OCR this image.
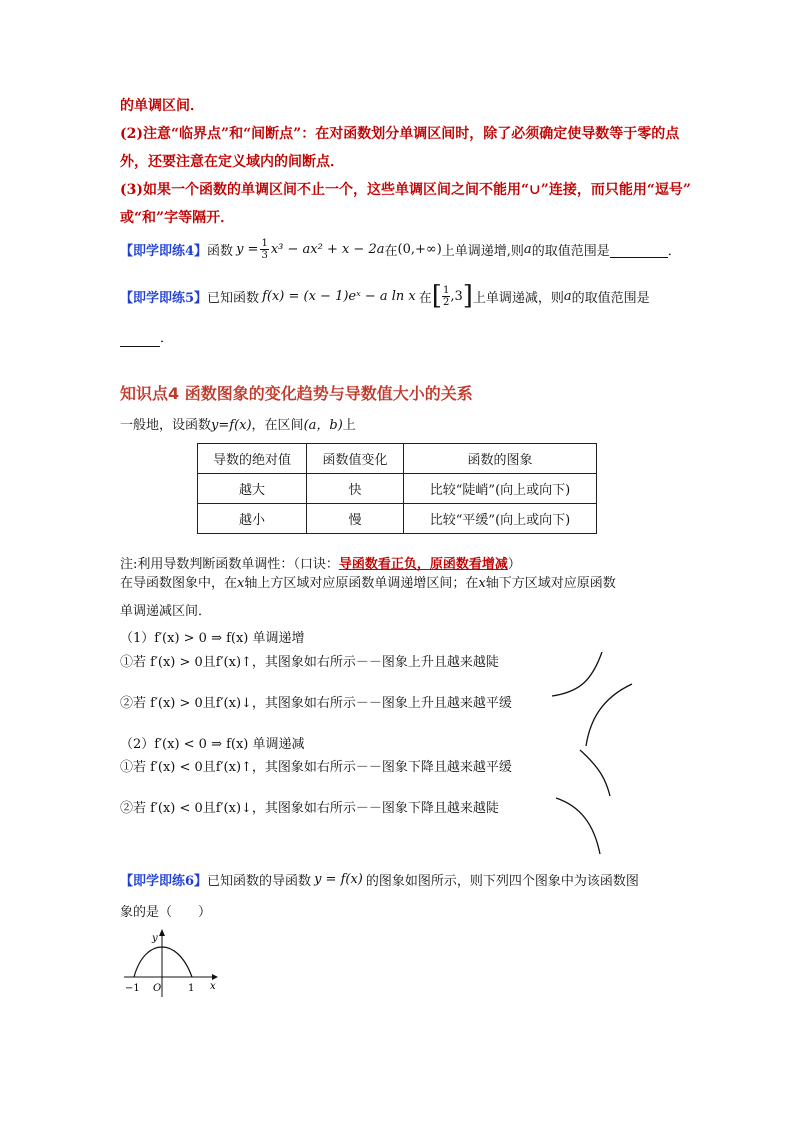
的单调区间．
(2)注意“临界点”和“间断点”：在对函数划分单调区间时，除了必须确定使导数等于零的点
外，还要注意在定义域内的间断点．
(3)如果一个函数的单调区间不止一个，这些单调区间之间不能用“∪”连接，而只能用“逗号”
或“和”字等隔开．
【即学即练4】 函数 $y = \frac{1}{3} x^3 - ax^2 + x - 2a$ 在 (0,+∞) 上单调递增,则 a 的取值范围是
	．
【即学即练5】 已知函数 f(x) = (x − 1)eˣ − a ln x 在 [ $\frac{1}{2} ,3$ ] 上单调递减，则 a 的取值范围是
．
知识点4 函数图象的变化趋势与导数值大小的关系
一般地，设函数y=f(x)，在区间(a，b)上
导数的绝对值	函数值变化	函数的图象
越大	快	比较“陡峭”(向上或向下)
越小	慢	比较“平缓”(向上或向下)
注:利用导数判断函数单调性：（口诀：导函数看正负，原函数看增减）
在导函数图象中，在x轴上方区域对应原函数单调递增区间；在x轴下方区域对应原函数
单调递减区间．
（1）f′(x) > 0 ⇒ f(x) 单调递增
①若 f′(x) > 0且f′(x)↑，其图象如右所示－－图象上升且越来越陡
②若 f′(x) > 0且f′(x)↓，其图象如右所示－－图象上升且越来越平缓
（2）f′(x) < 0 ⇒ f(x) 单调递减
①若 f′(x) < 0且f′(x)↑，其图象如右所示－－图象下降且越来越平缓
②若 f′(x) < 0且f′(x)↓，其图象如右所示－－图象下降且越来越陡
【即学即练6】 已知函数的导函数 y = f(x) 的图象如图所示，则下列四个图象中为该函数图
象的是（　　）
y
x
O
−1	1
